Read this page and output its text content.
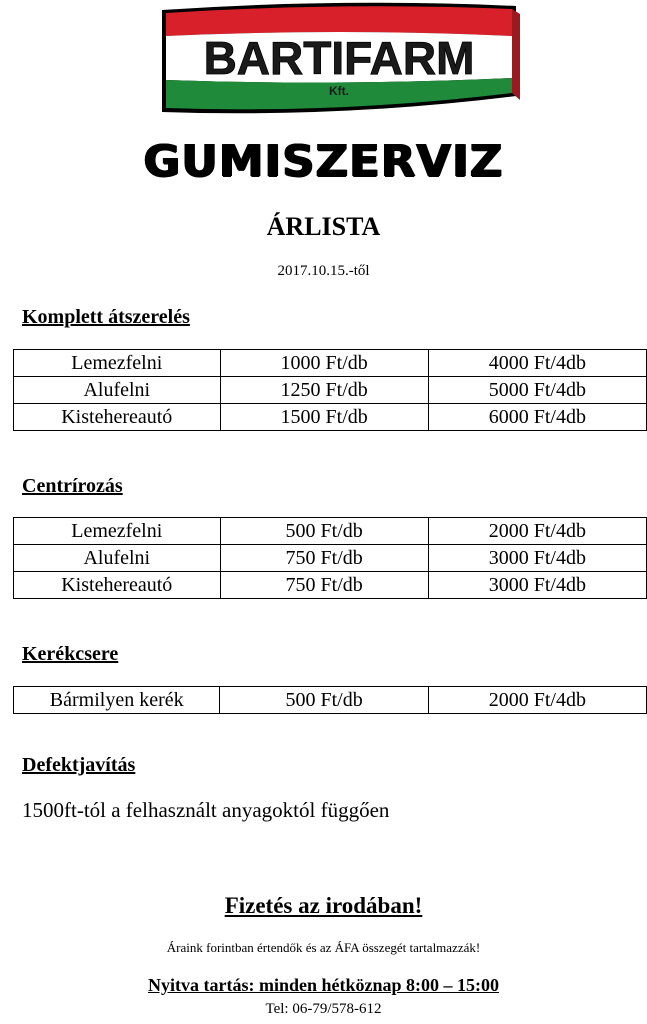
BARTIFARM
Kft.
GUMISZERVIZ
ÁRLISTA
2017.10.15.-től
Komplett átszerelés
Lemezfelni	1000 Ft/db	4000 Ft/4db
Alufelni	1250 Ft/db	5000 Ft/4db
Kistehereautó	1500 Ft/db	6000 Ft/4db
Centrírozás
Lemezfelni	500 Ft/db	2000 Ft/4db
Alufelni	750 Ft/db	3000 Ft/4db
Kistehereautó	750 Ft/db	3000 Ft/4db
Kerékcsere
Bármilyen kerék	500 Ft/db	2000 Ft/4db
Defektjavítás
1500ft-tól a felhasznált anyagoktól függően
Fizetés az irodában!
Áraink forintban értendők és az ÁFA összegét tartalmazzák!
Nyitva tartás: minden hétköznap 8:00 – 15:00
Tel: 06-79/578-612
